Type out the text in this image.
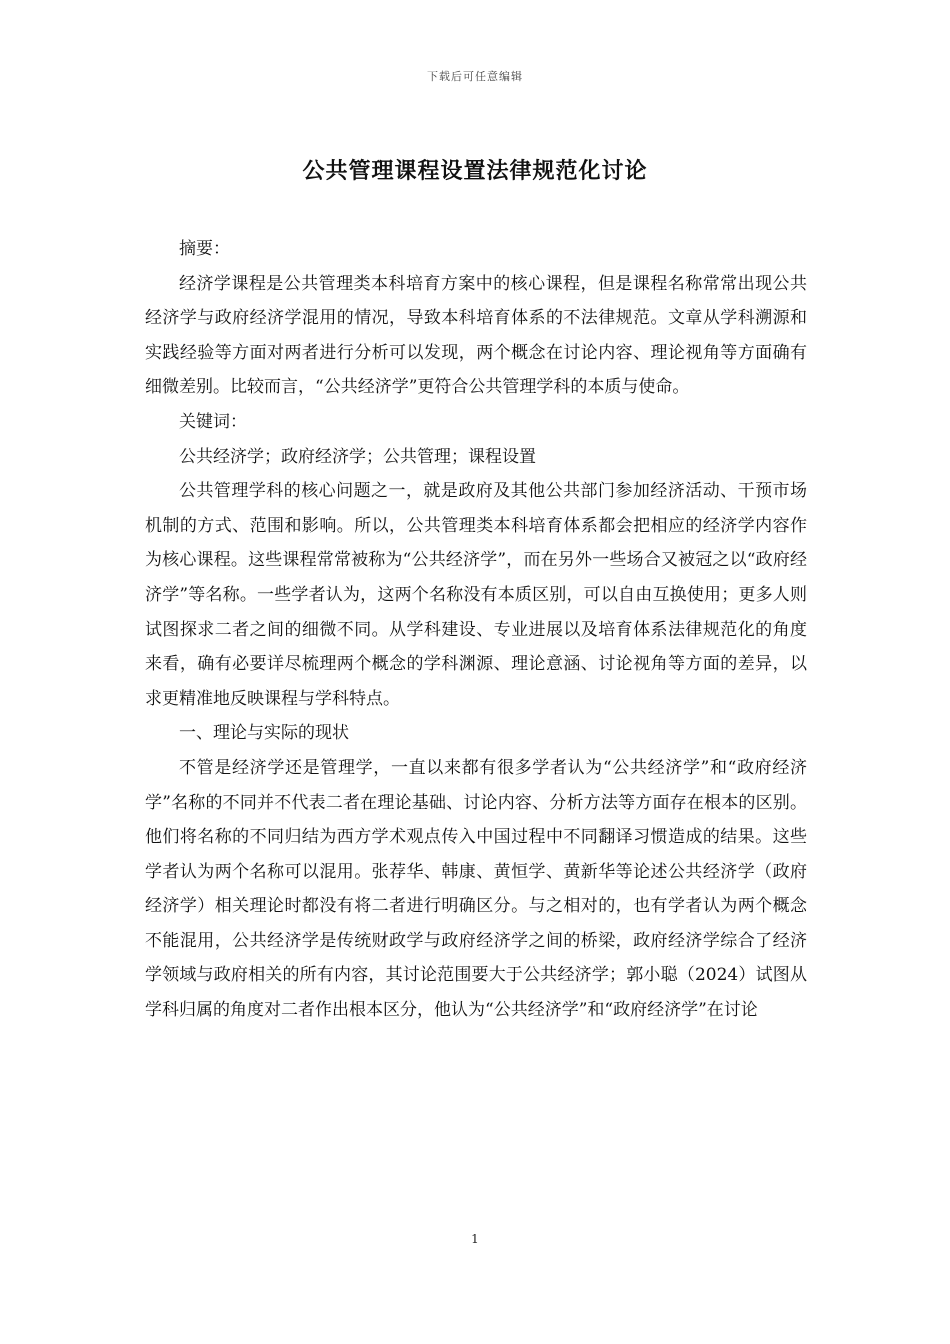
下载后可任意编辑
公共管理课程设置法律规范化讨论

摘要：

经济学课程是公共管理类本科培育方案中的核心课程，但是课程名称常常出现公共经济学与政府经济学混用的情况，导致本科培育体系的不法律规范。文章从学科溯源和实践经验等方面对两者进行分析可以发现，两个概念在讨论内容、理论视角等方面确有细微差别。比较而言，“公共经济学”更符合公共管理学科的本质与使命。

关键词：

公共经济学；政府经济学；公共管理；课程设置

公共管理学科的核心问题之一，就是政府及其他公共部门参加经济活动、干预市场机制的方式、范围和影响。所以，公共管理类本科培育体系都会把相应的经济学内容作为核心课程。这些课程常常被称为“公共经济学”，而在另外一些场合又被冠之以“政府经济学”等名称。一些学者认为，这两个名称没有本质区别，可以自由互换使用；更多人则试图探求二者之间的细微不同。从学科建设、专业进展以及培育体系法律规范化的角度来看，确有必要详尽梳理两个概念的学科渊源、理论意涵、讨论视角等方面的差异，以求更精准地反映课程与学科特点。

一、理论与实际的现状

不管是经济学还是管理学，一直以来都有很多学者认为“公共经济学”和“政府经济学”名称的不同并不代表二者在理论基础、讨论内容、分析方法等方面存在根本的区别。他们将名称的不同归结为西方学术观点传入中国过程中不同翻译习惯造成的结果。这些学者认为两个名称可以混用。张荐华、韩康、黄恒学、黄新华等论述公共经济学（政府经济学）相关理论时都没有将二者进行明确区分。与之相对的，也有学者认为两个概念不能混用，公共经济学是传统财政学与政府经济学之间的桥梁，政府经济学综合了经济学领域与政府相关的所有内容，其讨论范围要大于公共经济学；郭小聪（2024）试图从学科归属的角度对二者作出根本区分，他认为“公共经济学”和“政府经济学”在讨论

1
